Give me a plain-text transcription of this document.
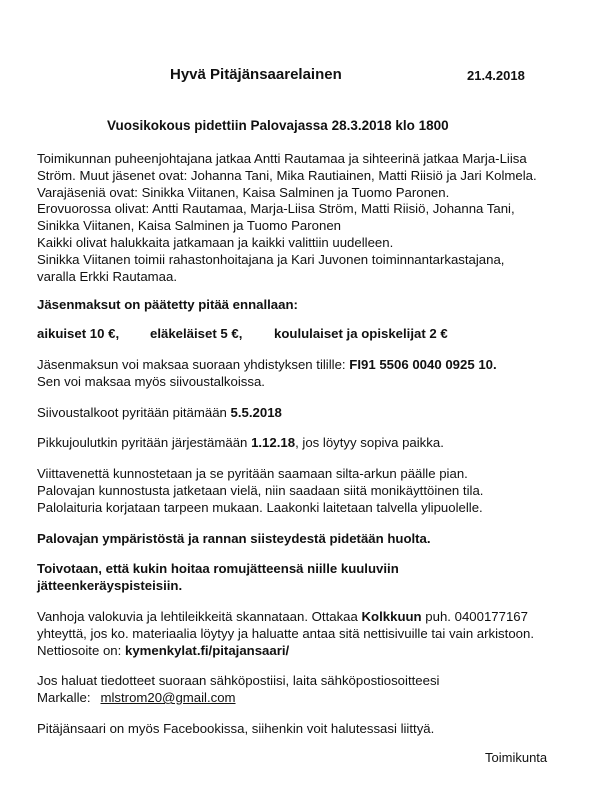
Hyvä Pitäjänsaarelainen	21.4.2018
Vuosikokous pidettiin Palovajassa 28.3.2018 klo 1800
Toimikunnan puheenjohtajana jatkaa Antti Rautamaa ja sihteerinä jatkaa Marja-Liisa
Ström. Muut jäsenet ovat: Johanna Tani, Mika Rautiainen, Matti Riisiö ja Jari Kolmela.
Varajäseniä ovat: Sinikka Viitanen, Kaisa Salminen ja Tuomo Paronen.
Erovuorossa olivat: Antti Rautamaa, Marja-Liisa Ström, Matti Riisiö, Johanna Tani,
Sinikka Viitanen, Kaisa Salminen ja Tuomo Paronen
Kaikki olivat halukkaita jatkamaan ja kaikki valittiin uudelleen.
Sinikka Viitanen toimii rahastonhoitajana ja Kari Juvonen toiminnantarkastajana,
varalla Erkki Rautamaa.
Jäsenmaksut on päätetty pitää ennallaan:
aikuiset 10 €, eläkeläiset 5 €, koululaiset ja opiskelijat 2 €
Jäsenmaksun voi maksaa suoraan yhdistyksen tilille: FI91 5506 0040 0925 10.
Sen voi maksaa myös siivoustalkoissa.
Siivoustalkoot pyritään pitämään 5.5.2018
Pikkujoulutkin pyritään järjestämään 1.12.18, jos löytyy sopiva paikka.
Viittavenettä kunnostetaan ja se pyritään saamaan silta-arkun päälle pian.
Palovajan kunnostusta jatketaan vielä, niin saadaan siitä monikäyttöinen tila.
Palolaituria korjataan tarpeen mukaan. Laakonki laitetaan talvella ylipuolelle.
Palovajan ympäristöstä ja rannan siisteydestä pidetään huolta.
Toivotaan, että kukin hoitaa romujätteensä niille kuuluviin
jätteenkeräyspisteisiin.
Vanhoja valokuvia ja lehtileikkeitä skannataan. Ottakaa Kolkkuun puh. 0400177167
yhteyttä, jos ko. materiaalia löytyy ja haluatte antaa sitä nettisivuille tai vain arkistoon.
Nettiosoite on: kymenkylat.fi/pitajansaari/
Jos haluat tiedotteet suoraan sähköpostiisi, laita sähköpostiosoitteesi
Markalle: mlstrom20@gmail.com
Pitäjänsaari on myös Facebookissa, siihenkin voit halutessasi liittyä.
Toimikunta
